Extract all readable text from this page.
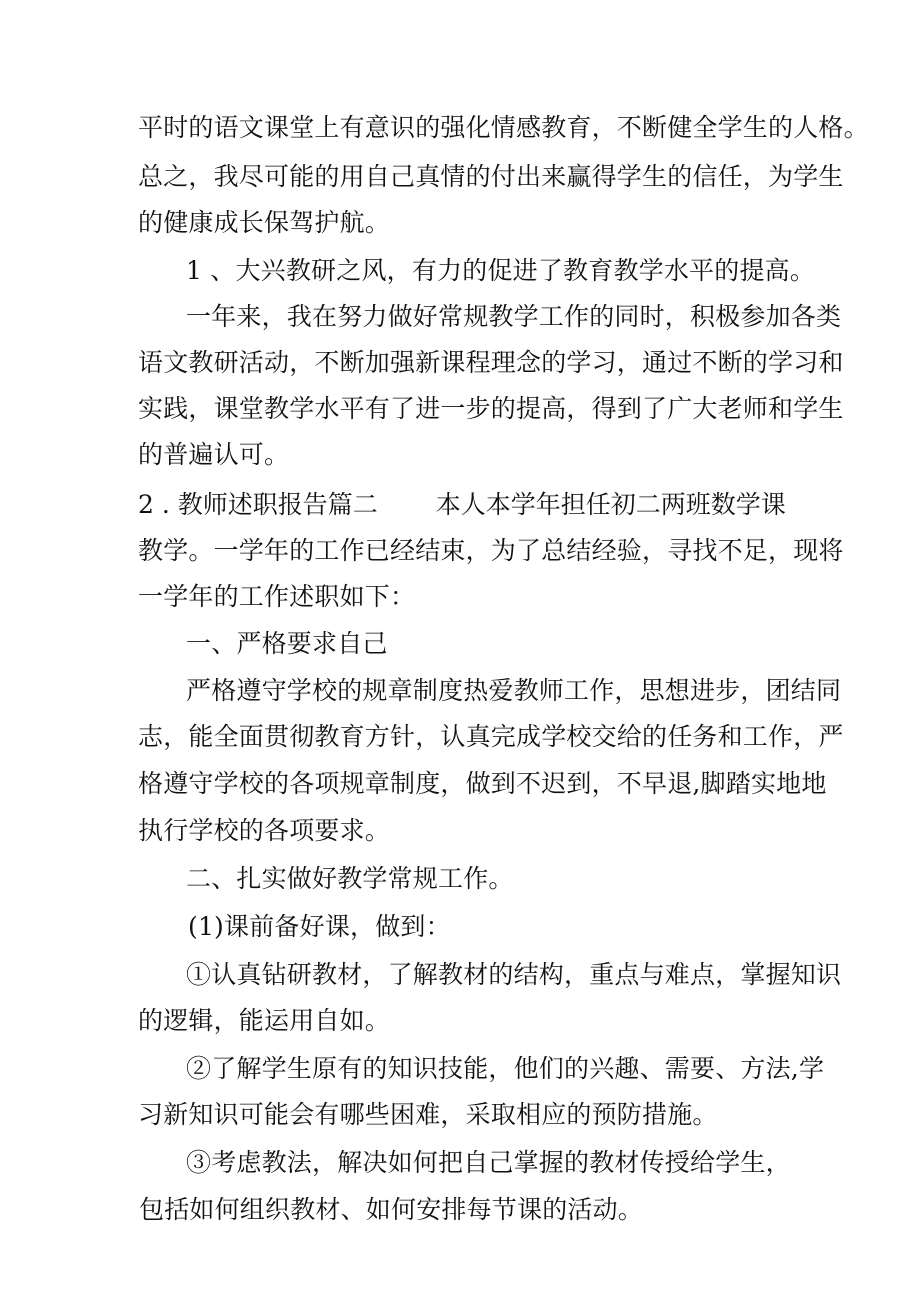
平时的语文课堂上有意识的强化情感教育，不断健全学生的人格。
总之，我尽可能的用自己真情的付出来赢得学生的信任，为学生
的健康成长保驾护航。
1 、大兴教研之风，有力的促进了教育教学水平的提高。
一年来，我在努力做好常规教学工作的同时，积极参加各类
语文教研活动，不断加强新课程理念的学习，通过不断的学习和
实践，课堂教学水平有了进一步的提高，得到了广大老师和学生
的普遍认可。
2 . 教师述职报告篇二 本人本学年担任初二两班数学课
教学。一学年的工作已经结束，为了总结经验，寻找不足，现将
一学年的工作述职如下：
一、严格要求自己
严格遵守学校的规章制度热爱教师工作，思想进步，团结同
志，能全面贯彻教育方针，认真完成学校交给的任务和工作，严
格遵守学校的各项规章制度，做到不迟到，不早退,脚踏实地地
执行学校的各项要求。
二、扎实做好教学常规工作。
(1)课前备好课，做到：
①认真钻研教材，了解教材的结构，重点与难点，掌握知识
的逻辑，能运用自如。
②了解学生原有的知识技能，他们的兴趣、需要、方法,学
习新知识可能会有哪些困难，采取相应的预防措施。
③考虑教法，解决如何把自己掌握的教材传授给学生，
包括如何组织教材、如何安排每节课的活动。
